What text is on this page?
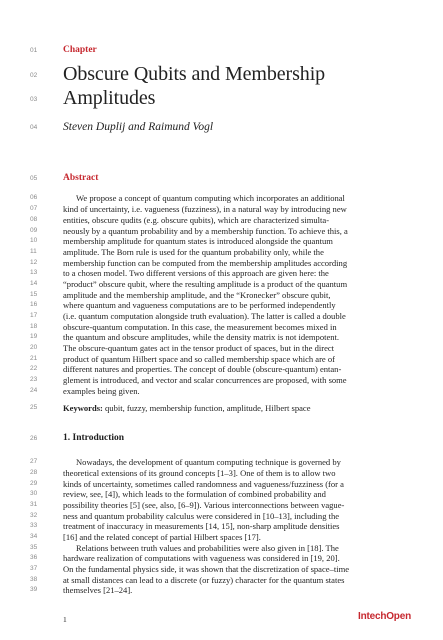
01
02
03
04
05
06
07
08
09
10
11
12
13
14
15
16
17
18
19
20
21
22
23
24
25
26
27
28
29
30
31
32
33
34
35
36
37
38
39
Chapter
Obscure Qubits and Membership
Amplitudes
Steven Duplij and Raimund Vogl
Abstract
We propose a concept of quantum computing which incorporates an additional
kind of uncertainty, i.e. vagueness (fuzziness), in a natural way by introducing new
entities, obscure qudits (e.g. obscure qubits), which are characterized simulta-
neously by a quantum probability and by a membership function. To achieve this, a
membership amplitude for quantum states is introduced alongside the quantum
amplitude. The Born rule is used for the quantum probability only, while the
membership function can be computed from the membership amplitudes according
to a chosen model. Two different versions of this approach are given here: the
“product” obscure qubit, where the resulting amplitude is a product of the quantum
amplitude and the membership amplitude, and the “Kronecker” obscure qubit,
where quantum and vagueness computations are to be performed independently
(i.e. quantum computation alongside truth evaluation). The latter is called a double
obscure-quantum computation. In this case, the measurement becomes mixed in
the quantum and obscure amplitudes, while the density matrix is not idempotent.
The obscure-quantum gates act in the tensor product of spaces, but in the direct
product of quantum Hilbert space and so called membership space which are of
different natures and properties. The concept of double (obscure-quantum) entan-
glement is introduced, and vector and scalar concurrences are proposed, with some
examples being given.
Keywords: qubit, fuzzy, membership function, amplitude, Hilbert space
1. Introduction
Nowadays, the development of quantum computing technique is governed by
theoretical extensions of its ground concepts [1–3]. One of them is to allow two
kinds of uncertainty, sometimes called randomness and vagueness/fuzziness (for a
review, see, [4]), which leads to the formulation of combined probability and
possibility theories [5] (see, also, [6–9]). Various interconnections between vague-
ness and quantum probability calculus were considered in [10–13], including the
treatment of inaccuracy in measurements [14, 15], non-sharp amplitude densities
[16] and the related concept of partial Hilbert spaces [17].
Relations between truth values and probabilities were also given in [18]. The
hardware realization of computations with vagueness was considered in [19, 20].
On the fundamental physics side, it was shown that the discretization of space–time
at small distances can lead to a discrete (or fuzzy) character for the quantum states
themselves [21–24].
1	IntechOpen
